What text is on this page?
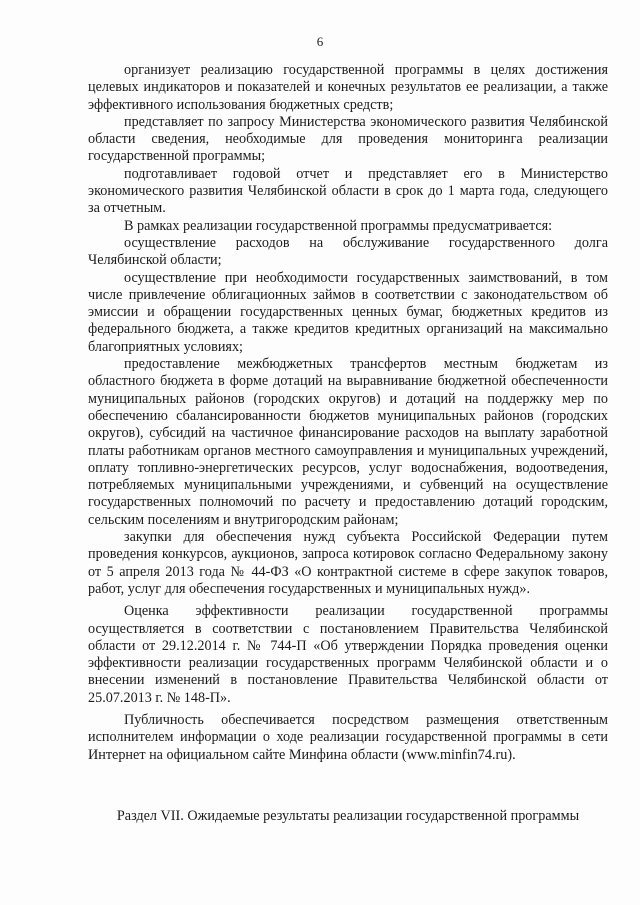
6

организует реализацию государственной программы в целях достижения целевых индикаторов и показателей и конечных результатов ее реализации, а также эффективного использования бюджетных средств;

представляет по запросу Министерства экономического развития Челябинской области сведения, необходимые для проведения мониторинга реализации государственной программы;

подготавливает годовой отчет и представляет его в Министерство экономического развития Челябинской области в срок до 1 марта года, следующего за отчетным.

В рамках реализации государственной программы предусматривается:

осуществление расходов на обслуживание государственного долга Челябинской области;

осуществление при необходимости государственных заимствований, в том числе привлечение облигационных займов в соответствии с законодательством об эмиссии и обращении государственных ценных бумаг, бюджетных кредитов из федерального бюджета, а также кредитов кредитных организаций на максимально благоприятных условиях;

предоставление межбюджетных трансфертов местным бюджетам из областного бюджета в форме дотаций на выравнивание бюджетной обеспеченности муниципальных районов (городских округов) и дотаций на поддержку мер по обеспечению сбалансированности бюджетов муниципальных районов (городских округов), субсидий на частичное финансирование расходов на выплату заработной платы работникам органов местного самоуправления и муниципальных учреждений, оплату топливно-энергетических ресурсов, услуг водоснабжения, водоотведения, потребляемых муниципальными учреждениями, и субвенций на осуществление государственных полномочий по расчету и предоставлению дотаций городским, сельским поселениям и внутригородским районам;

закупки для обеспечения нужд субъекта Российской Федерации путем проведения конкурсов, аукционов, запроса котировок согласно Федеральному закону от 5 апреля 2013 года № 44-ФЗ «О контрактной системе в сфере закупок товаров, работ, услуг для обеспечения государственных и муниципальных нужд».

Оценка эффективности реализации государственной программы осуществляется в соответствии с постановлением Правительства Челябинской области от 29.12.2014 г. № 744-П «Об утверждении Порядка проведения оценки эффективности реализации государственных программ Челябинской области и о внесении изменений в постановление Правительства Челябинской области от 25.07.2013 г. № 148-П».

Публичность обеспечивается посредством размещения ответственным исполнителем информации о ходе реализации государственной программы в сети Интернет на официальном сайте Минфина области (www.minfin74.ru).

Раздел VII. Ожидаемые результаты реализации государственной программы
